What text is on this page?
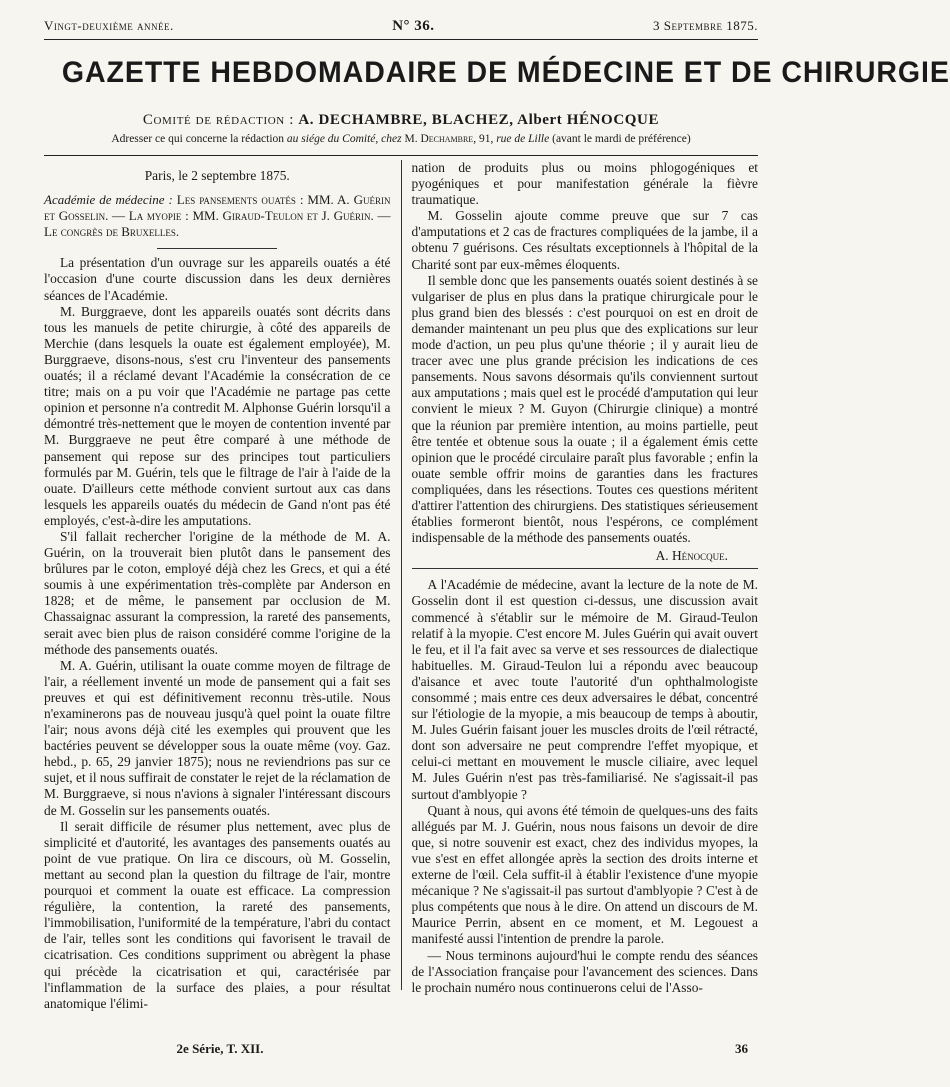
Vingt-deuxième année.	N° 36.	3 Septembre 1875.
GAZETTE HEBDOMADAIRE DE MÉDECINE ET DE CHIRURGIE
Comité de rédaction : A. DECHAMBRE, BLACHEZ, Albert HÉNOCQUE
Adresser ce qui concerne la rédaction au siége du Comité, chez M. Dechambre, 91, rue de Lille (avant le mardi de préférence)
Paris, le 2 septembre 1875.

Académie de médecine : Les pansements ouatés : MM. A. Guérin et Gosselin. — La myopie : MM. Giraud-Teulon et J. Guérin. — Le congrès de Bruxelles.

La présentation d'un ouvrage sur les appareils ouatés a été l'occasion d'une courte discussion dans les deux dernières séances de l'Académie.

M. Burggraeve, dont les appareils ouatés sont décrits dans tous les manuels de petite chirurgie, à côté des appareils de Merchie (dans lesquels la ouate est également employée), M. Burggraeve, disons-nous, s'est cru l'inventeur des pansements ouatés; il a réclamé devant l'Académie la consécration de ce titre; mais on a pu voir que l'Académie ne partage pas cette opinion et personne n'a contredit M. Alphonse Guérin lorsqu'il a démontré très-nettement que le moyen de contention inventé par M. Burggraeve ne peut être comparé à une méthode de pansement qui repose sur des principes tout particuliers formulés par M. Guérin, tels que le filtrage de l'air à l'aide de la ouate. D'ailleurs cette méthode convient surtout aux cas dans lesquels les appareils ouatés du médecin de Gand n'ont pas été employés, c'est-à-dire les amputations.

S'il fallait rechercher l'origine de la méthode de M. A. Guérin, on la trouverait bien plutôt dans le pansement des brûlures par le coton, employé déjà chez les Grecs, et qui a été soumis à une expérimentation très-complète par Anderson en 1828; et de même, le pansement par occlusion de M. Chassaignac assurant la compression, la rareté des pansements, serait avec bien plus de raison considéré comme l'origine de la méthode des pansements ouatés.

M. A. Guérin, utilisant la ouate comme moyen de filtrage de l'air, a réellement inventé un mode de pansement qui a fait ses preuves et qui est définitivement reconnu très-utile. Nous n'examinerons pas de nouveau jusqu'à quel point la ouate filtre l'air; nous avons déjà cité les exemples qui prouvent que les bactéries peuvent se développer sous la ouate même (voy. Gaz. hebd., p. 65, 29 janvier 1875); nous ne reviendrions pas sur ce sujet, et il nous suffirait de constater le rejet de la réclamation de M. Burggraeve, si nous n'avions à signaler l'intéressant discours de M. Gosselin sur les pansements ouatés.

Il serait difficile de résumer plus nettement, avec plus de simplicité et d'autorité, les avantages des pansements ouatés au point de vue pratique. On lira ce discours, où M. Gosselin, mettant au second plan la question du filtrage de l'air, montre pourquoi et comment la ouate est efficace. La compression régulière, la contention, la rareté des pansements, l'immobilisation, l'uniformité de la température, l'abri du contact de l'air, telles sont les conditions qui favorisent le travail de cicatrisation. Ces conditions suppriment ou abrègent la phase qui précède la cicatrisation et qui, caractérisée par l'inflammation de la surface des plaies, a pour résultat anatomique l'élimi-

nation de produits plus ou moins phlogogéniques et pyogéniques et pour manifestation générale la fièvre traumatique.

M. Gosselin ajoute comme preuve que sur 7 cas d'amputations et 2 cas de fractures compliquées de la jambe, il a obtenu 7 guérisons. Ces résultats exceptionnels à l'hôpital de la Charité sont par eux-mêmes éloquents.

Il semble donc que les pansements ouatés soient destinés à se vulgariser de plus en plus dans la pratique chirurgicale pour le plus grand bien des blessés : c'est pourquoi on est en droit de demander maintenant un peu plus que des explications sur leur mode d'action, un peu plus qu'une théorie ; il y aurait lieu de tracer avec une plus grande précision les indications de ces pansements. Nous savons désormais qu'ils conviennent surtout aux amputations ; mais quel est le procédé d'amputation qui leur convient le mieux ? M. Guyon (Chirurgie clinique) a montré que la réunion par première intention, au moins partielle, peut être tentée et obtenue sous la ouate ; il a également émis cette opinion que le procédé circulaire paraît plus favorable ; enfin la ouate semble offrir moins de garanties dans les fractures compliquées, dans les résections. Toutes ces questions méritent d'attirer l'attention des chirurgiens. Des statistiques sérieusement établies formeront bientôt, nous l'espérons, ce complément indispensable de la méthode des pansements ouatés.

A. Hénocque.

A l'Académie de médecine, avant la lecture de la note de M. Gosselin dont il est question ci-dessus, une discussion avait commencé à s'établir sur le mémoire de M. Giraud-Teulon relatif à la myopie. C'est encore M. Jules Guérin qui avait ouvert le feu, et il l'a fait avec sa verve et ses ressources de dialectique habituelles. M. Giraud-Teulon lui a répondu avec beaucoup d'aisance et avec toute l'autorité d'un ophthalmologiste consommé ; mais entre ces deux adversaires le débat, concentré sur l'étiologie de la myopie, a mis beaucoup de temps à aboutir, M. Jules Guérin faisant jouer les muscles droits de l'œil rétracté, dont son adversaire ne peut comprendre l'effet myopique, et celui-ci mettant en mouvement le muscle ciliaire, avec lequel M. Jules Guérin n'est pas très-familiarisé. Ne s'agissait-il pas surtout d'amblyopie ?

Quant à nous, qui avons été témoin de quelques-uns des faits allégués par M. J. Guérin, nous nous faisons un devoir de dire que, si notre souvenir est exact, chez des individus myopes, la vue s'est en effet allongée après la section des droits interne et externe de l'œil. Cela suffit-il à établir l'existence d'une myopie mécanique ? Ne s'agissait-il pas surtout d'amblyopie ? C'est à de plus compétents que nous à le dire. On attend un discours de M. Maurice Perrin, absent en ce moment, et M. Legouest a manifesté aussi l'intention de prendre la parole.

— Nous terminons aujourd'hui le compte rendu des séances de l'Association française pour l'avancement des sciences. Dans le prochain numéro nous continuerons celui de l'Asso-

2e Série, T. XII.	36
